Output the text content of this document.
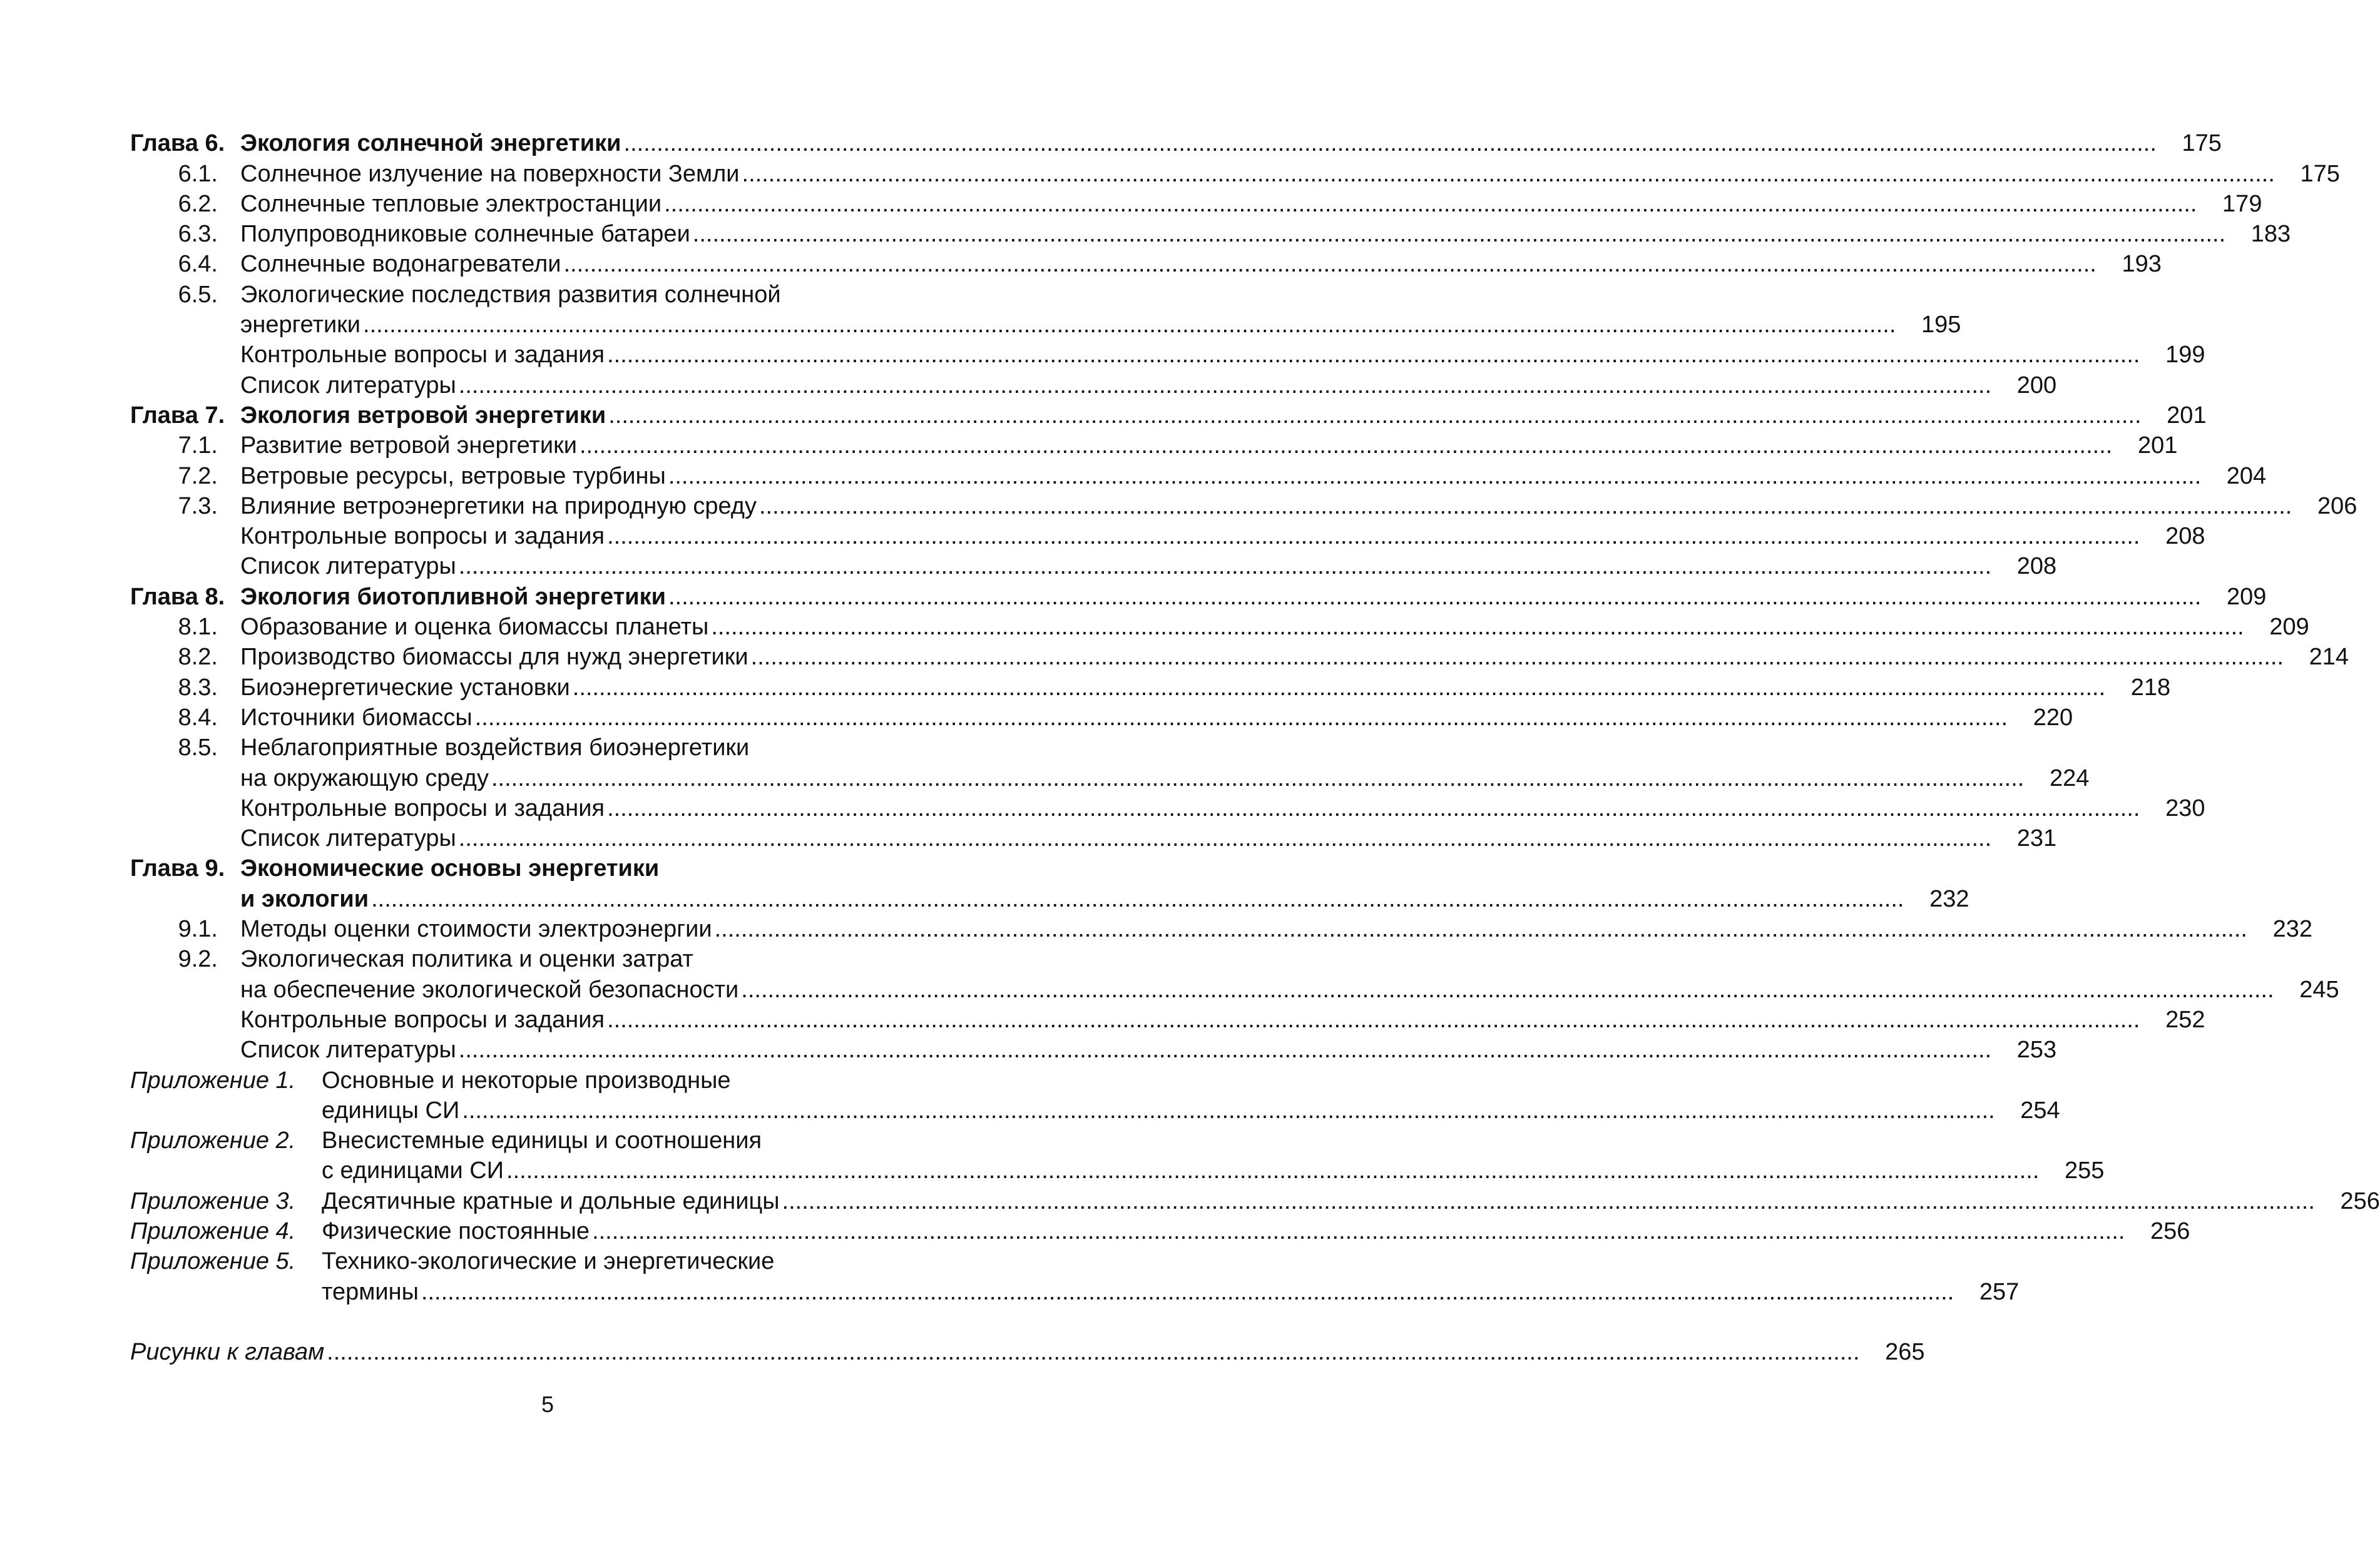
Глава 6. Экология солнечной энергетики .....	175
6.1. Солнечное излучение на поверхности Земли .....	175
6.2. Солнечные тепловые электростанции .....	179
6.3. Полупроводниковые солнечные батареи .....	183
6.4. Солнечные водонагреватели .....	193
6.5. Экологические последствия развития солнечной
энергетики .....	195
Контрольные вопросы и задания .....	199
Список литературы .....	200
Глава 7. Экология ветровой энергетики .....	201
7.1. Развитие ветровой энергетики .....	201
7.2. Ветровые ресурсы, ветровые турбины .....	204
7.3. Влияние ветроэнергетики на природную среду .....	206
Контрольные вопросы и задания .....	208
Список литературы .....	208
Глава 8. Экология биотопливной энергетики .....	209
8.1. Образование и оценка биомассы планеты .....	209
8.2. Производство биомассы для нужд энергетики .....	214
8.3. Биоэнергетические установки .....	218
8.4. Источники биомассы .....	220
8.5. Неблагоприятные воздействия биоэнергетики
на окружающую среду .....	224
Контрольные вопросы и задания .....	230
Список литературы .....	231
Глава 9. Экономические основы энергетики
и экологии .....	232
9.1. Методы оценки стоимости электроэнергии .....	232
9.2. Экологическая политика и оценки затрат
на обеспечение экологической безопасности .....	245
Контрольные вопросы и задания .....	252
Список литературы .....	253
Приложение 1.	Основные и некоторые производные
единицы СИ .....	254
Приложение 2.	Внесистемные единицы и соотношения
с единицами СИ .....	255
Приложение 3.	Десятичные кратные и дольные единицы .....	256
Приложение 4.	Физические постоянные .....	256
Приложение 5.	Технико-экологические и энергетические
термины .....	257
Рисунки к главам .....	265
5
